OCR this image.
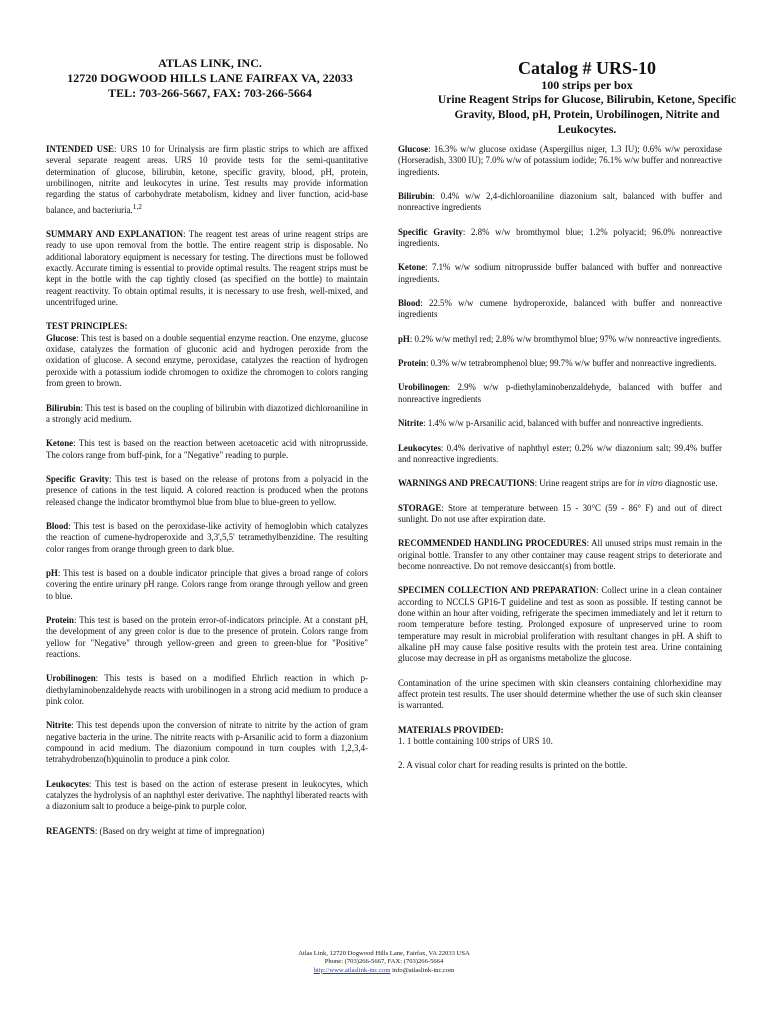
ATLAS LINK, INC.
12720 DOGWOOD HILLS LANE FAIRFAX VA, 22033
TEL: 703-266-5667, FAX: 703-266-5664
Catalog # URS-10
100 strips per box
Urine Reagent Strips for Glucose, Bilirubin, Ketone, Specific Gravity, Blood, pH, Protein, Urobilinogen, Nitrite and Leukocytes.

INTENDED USE: URS 10 for Urinalysis are firm plastic strips to which are affixed several separate reagent areas. URS 10 provide tests for the semi-quantitative determination of glucose, bilirubin, ketone, specific gravity, blood, pH, protein, urobilinogen, nitrite and leukocytes in urine. Test results may provide information regarding the status of carbohydrate metabolism, kidney and liver function, acid-base balance, and bacteriuria.$^{1,2}$

SUMMARY AND EXPLANATION: The reagent test areas of urine reagent strips are ready to use upon removal from the bottle. The entire reagent strip is disposable. No additional laboratory equipment is necessary for testing. The directions must be followed exactly. Accurate timing is essential to provide optimal results. The reagent strips must be kept in the bottle with the cap tightly closed (as specified on the bottle) to maintain reagent reactivity. To obtain optimal results, it is necessary to use fresh, well-mixed, and uncentrifuged urine.

TEST PRINCIPLES:

Glucose: This test is based on a double sequential enzyme reaction. One enzyme, glucose oxidase, catalyzes the formation of gluconic acid and hydrogen peroxide from the oxidation of glucose. A second enzyme, peroxidase, catalyzes the reaction of hydrogen peroxide with a potassium iodide chromogen to oxidize the chromogen to colors ranging from green to brown.

Bilirubin: This test is based on the coupling of bilirubin with diazotized dichloroaniline in a strongly acid medium.

Ketone: This test is based on the reaction between acetoacetic acid with nitroprusside. The colors range from buff-pink, for a "Negative" reading to purple.

Specific Gravity: This test is based on the release of protons from a polyacid in the presence of cations in the test liquid. A colored reaction is produced when the protons released change the indicator bromthymol blue from blue to blue-green to yellow.

Blood: This test is based on the peroxidase-like activity of hemoglobin which catalyzes the reaction of cumene-hydroperoxide and 3,3',5,5' tetramethylbenzidine. The resulting color ranges from orange through green to dark blue.

pH: This test is based on a double indicator principle that gives a broad range of colors covering the entire urinary pH range. Colors range from orange through yellow and green to blue.

Protein: This test is based on the protein error-of-indicators principle. At a constant pH, the development of any green color is due to the presence of protein. Colors range from yellow for "Negative" through yellow-green and green to green-blue for "Positive" reactions.

Urobilinogen: This tests is based on a modified Ehrlich reaction in which p-diethylaminobenzaldehyde reacts with urobilinogen in a strong acid medium to produce a pink color.

Nitrite: This test depends upon the conversion of nitrate to nitrite by the action of gram negative bacteria in the urine. The nitrite reacts with p-Arsanilic acid to form a diazonium compound in acid medium. The diazonium compound in turn couples with 1,2,3,4-tetrahydrobenzo(h)quinolin to produce a pink color.

Leukocytes: This test is based on the action of esterase present in leukocytes, which catalyzes the hydrolysis of an naphthyl ester derivative. The naphthyl liberated reacts with a diazonium salt to produce a beige-pink to purple color.

REAGENTS: (Based on dry weight at time of impregnation)

Glucose: 16.3% w/w glucose oxidase (Aspergillus niger, 1.3 IU); 0.6% w/w peroxidase (Horseradish, 3300 IU); 7.0% w/w of potassium iodide; 76.1% w/w buffer and nonreactive ingredients.

Bilirubin: 0.4% w/w 2,4-dichloroaniline diazonium salt, balanced with buffer and nonreactive ingredients

Specific Gravity: 2.8% w/w bromthymol blue; 1.2% polyacid; 96.0% nonreactive ingredients.

Ketone: 7.1% w/w sodium nitroprusside buffer balanced with buffer and nonreactive ingredients.

Blood: 22.5% w/w cumene hydroperoxide, balanced with buffer and nonreactive ingredients

pH: 0.2% w/w methyl red; 2.8% w/w bromthymol blue; 97% w/w nonreactive ingredients.

Protein: 0.3% w/w tetrabromphenol blue; 99.7% w/w buffer and nonreactive ingredients.

Urobilinogen: 2.9% w/w p-diethylaminobenzaldehyde, balanced with buffer and nonreactive ingredients

Nitrite: 1.4% w/w p-Arsanilic acid, balanced with buffer and nonreactive ingredients.

Leukocytes: 0.4% derivative of naphthyl ester; 0.2% w/w diazonium salt; 99.4% buffer and nonreactive ingredients.

WARNINGS AND PRECAUTIONS: Urine reagent strips are for in vitro diagnostic use.

STORAGE: Store at temperature between 15 - 30°C (59 - 86° F) and out of direct sunlight. Do not use after expiration date.

RECOMMENDED HANDLING PROCEDURES: All unused strips must remain in the original bottle. Transfer to any other container may cause reagent strips to deteriorate and become nonreactive. Do not remove desiccant(s) from bottle.

SPECIMEN COLLECTION AND PREPARATION: Collect urine in a clean container according to NCCLS GP16-T guideline and test as soon as possible. If testing cannot be done within an hour after voiding, refrigerate the specimen immediately and let it return to room temperature before testing. Prolonged exposure of unpreserved urine to room temperature may result in microbial proliferation with resultant changes in pH. A shift to alkaline pH may cause false positive results with the protein test area. Urine containing glucose may decrease in pH as organisms metabolize the glucose.

Contamination of the urine specimen with skin cleansers containing chlorhexidine may affect protein test results. The user should determine whether the use of such skin cleanser is warranted.

MATERIALS PROVIDED:

1. 1 bottle containing 100 strips of URS 10.

2. A visual color chart for reading results is printed on the bottle.

Atlas Link, 12720 Dogwood Hills Lane, Fairfax, VA 22033 USA
Phone: (703)266-5667, FAX: (703)266-5664
http://www.atlaslink-inc.com info@atlaslink-inc.com
